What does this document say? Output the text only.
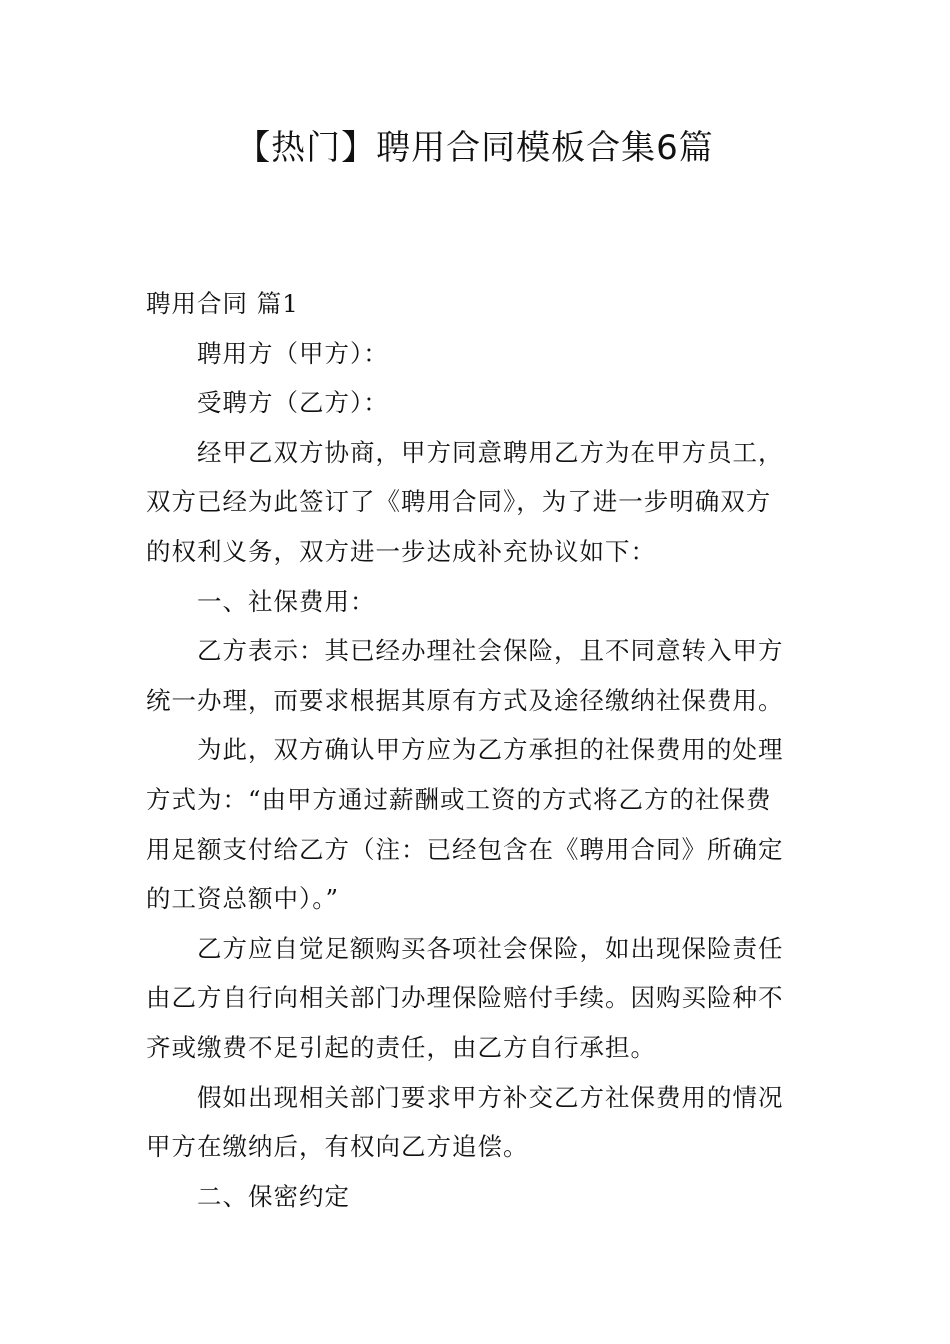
【热门】聘用合同模板合集6篇

聘用合同 篇1

聘用方（甲方）：

受聘方（乙方）：

经甲乙双方协商，甲方同意聘用乙方为在甲方员工，

双方已经为此签订了《聘用合同》，为了进一步明确双方

的权利义务，双方进一步达成补充协议如下：

一、社保费用：

乙方表示：其已经办理社会保险，且不同意转入甲方

统一办理，而要求根据其原有方式及途径缴纳社保费用。

为此，双方确认甲方应为乙方承担的社保费用的处理

方式为：“由甲方通过薪酬或工资的方式将乙方的社保费

用足额支付给乙方（注：已经包含在《聘用合同》所确定

的工资总额中）。”

乙方应自觉足额购买各项社会保险，如出现保险责任

由乙方自行向相关部门办理保险赔付手续。因购买险种不

齐或缴费不足引起的责任，由乙方自行承担。

假如出现相关部门要求甲方补交乙方社保费用的情况

甲方在缴纳后，有权向乙方追偿。

二、保密约定
